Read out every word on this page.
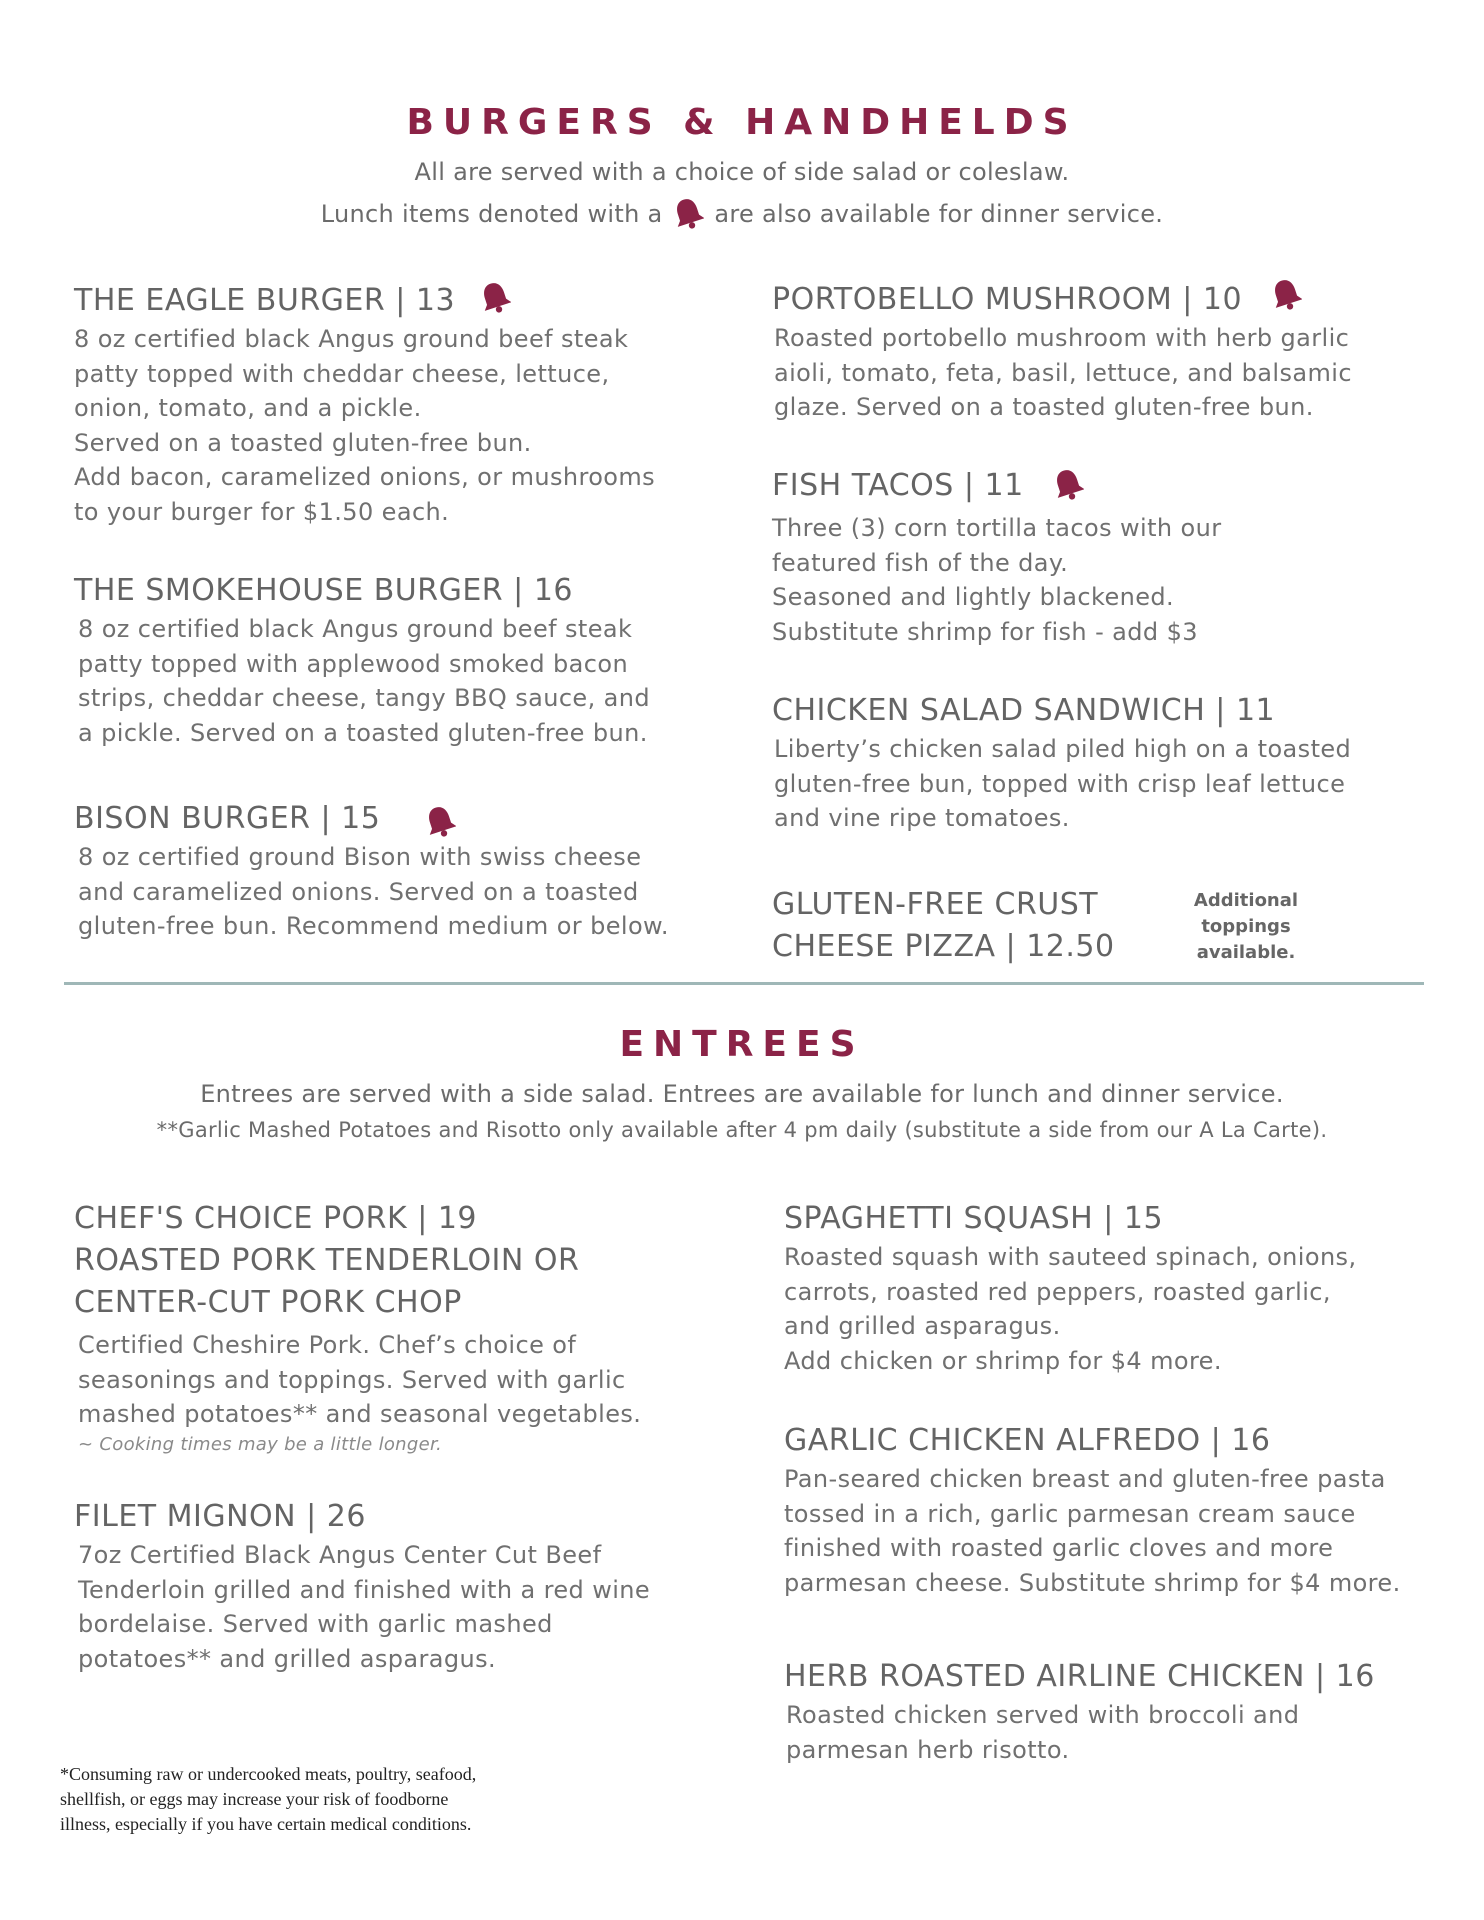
BURGERS & HANDHELDS
All are served with a choice of side salad or coleslaw.
Lunch items denoted with a are also available for dinner service.
THE EAGLE BURGER | 13
8 oz certified black Angus ground beef steak
patty topped with cheddar cheese, lettuce,
onion, tomato, and a pickle.
Served on a toasted gluten-free bun.
Add bacon, caramelized onions, or mushrooms
to your burger for $1.50 each.
THE SMOKEHOUSE BURGER | 16
8 oz certified black Angus ground beef steak
patty topped with applewood smoked bacon
strips, cheddar cheese, tangy BBQ sauce, and
a pickle. Served on a toasted gluten-free bun.
BISON BURGER | 15
8 oz certified ground Bison with swiss cheese
and caramelized onions. Served on a toasted
gluten-free bun. Recommend medium or below.
PORTOBELLO MUSHROOM | 10
Roasted portobello mushroom with herb garlic
aioli, tomato, feta, basil, lettuce, and balsamic
glaze. Served on a toasted gluten-free bun.
FISH TACOS | 11
Three (3) corn tortilla tacos with our
featured fish of the day.
Seasoned and lightly blackened.
Substitute shrimp for fish - add $3
CHICKEN SALAD SANDWICH | 11
Liberty’s chicken salad piled high on a toasted
gluten-free bun, topped with crisp leaf lettuce
and vine ripe tomatoes.
GLUTEN-FREE CRUST
CHEESE PIZZA | 12.50
Additional
toppings
available.
ENTREES
Entrees are served with a side salad. Entrees are available for lunch and dinner service.
**Garlic Mashed Potatoes and Risotto only available after 4 pm daily (substitute a side from our A La Carte).
CHEF'S CHOICE PORK | 19
ROASTED PORK TENDERLOIN OR
CENTER-CUT PORK CHOP
Certified Cheshire Pork. Chef’s choice of
seasonings and toppings. Served with garlic
mashed potatoes** and seasonal vegetables.
~ Cooking times may be a little longer.
FILET MIGNON | 26
7oz Certified Black Angus Center Cut Beef
Tenderloin grilled and finished with a red wine
bordelaise. Served with garlic mashed
potatoes** and grilled asparagus.
SPAGHETTI SQUASH | 15
Roasted squash with sauteed spinach, onions,
carrots, roasted red peppers, roasted garlic,
and grilled asparagus.
Add chicken or shrimp for $4 more.
GARLIC CHICKEN ALFREDO | 16
Pan-seared chicken breast and gluten-free pasta
tossed in a rich, garlic parmesan cream sauce
finished with roasted garlic cloves and more
parmesan cheese. Substitute shrimp for $4 more.
HERB ROASTED AIRLINE CHICKEN | 16
Roasted chicken served with broccoli and
parmesan herb risotto.
*Consuming raw or undercooked meats, poultry, seafood,
shellfish, or eggs may increase your risk of foodborne
illness, especially if you have certain medical conditions.
